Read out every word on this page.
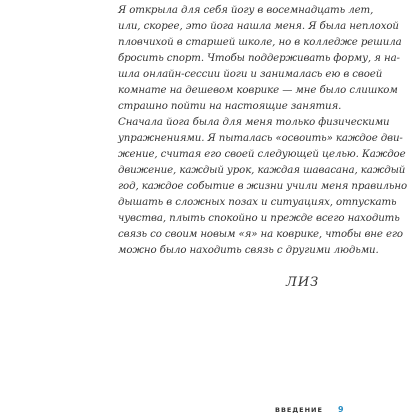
Я открыла для себя йогу в восемнадцать лет,
или, скорее, это йога нашла меня. Я была неплохой
пловчихой в старшей школе, но в колледже решила
бросить спорт. Чтобы поддерживать форму, я на-
шла онлайн-сессии йоги и занималась ею в своей
комнате на дешевом коврике — мне было слишком
страшно пойти на настоящие занятия.
Сначала йога была для меня только физическими
упражнениями. Я пыталась «освоить» каждое дви-
жение, считая его своей следующей целью. Каждое
движение, каждый урок, каждая шавасана, каждый
год, каждое событие в жизни учили меня правильно
дышать в сложных позах и ситуациях, отпускать
чувства, плыть спокойно и прежде всего находить
связь со своим новым «я» на коврике, чтобы вне его
можно было находить связь с другими людьми.
ЛИЗ
ВВЕДЕНИЕ 9
